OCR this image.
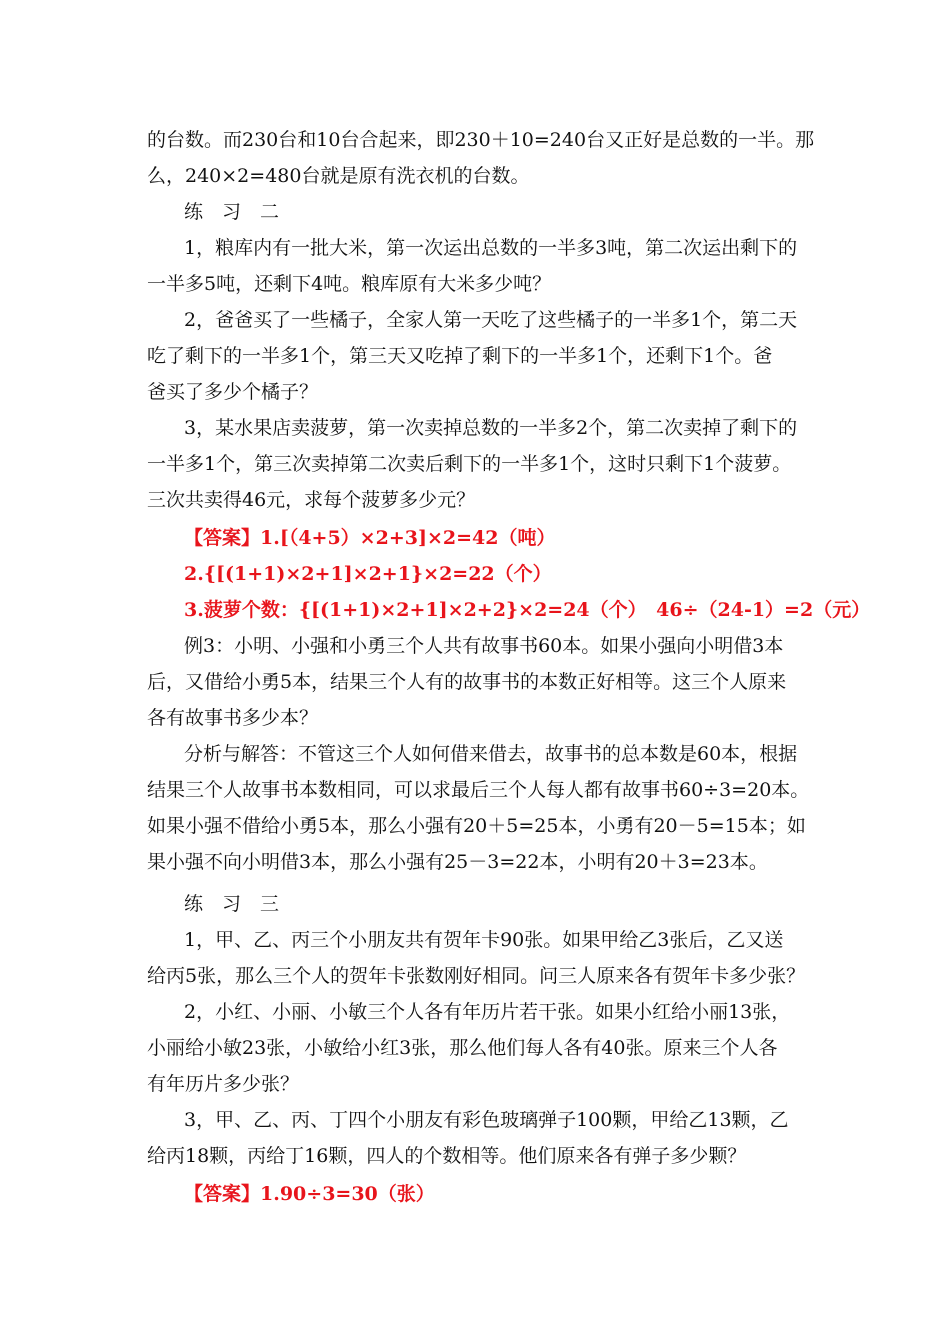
的台数。而230台和10台合起来，即230＋10=240台又正好是总数的一半。那
么，240×2=480台就是原有洗衣机的台数。
练　习　二
1，粮库内有一批大米，第一次运出总数的一半多3吨，第二次运出剩下的
一半多5吨，还剩下4吨。粮库原有大米多少吨？
2，爸爸买了一些橘子，全家人第一天吃了这些橘子的一半多1个，第二天
吃了剩下的一半多1个，第三天又吃掉了剩下的一半多1个，还剩下1个。爸
爸买了多少个橘子？
3，某水果店卖菠萝，第一次卖掉总数的一半多2个，第二次卖掉了剩下的
一半多1个，第三次卖掉第二次卖后剩下的一半多1个，这时只剩下1个菠萝。
三次共卖得46元，求每个菠萝多少元？
【答案】1.[（4+5）×2+3]×2=42（吨）
2.{[(1+1)×2+1]×2+1}×2=22（个）
3.菠萝个数：{[(1+1)×2+1]×2+2}×2=24（个）　46÷（24-1）=2（元）
例3：小明、小强和小勇三个人共有故事书60本。如果小强向小明借3本
后，又借给小勇5本，结果三个人有的故事书的本数正好相等。这三个人原来
各有故事书多少本？
分析与解答：不管这三个人如何借来借去，故事书的总本数是60本，根据
结果三个人故事书本数相同，可以求最后三个人每人都有故事书60÷3=20本。
如果小强不借给小勇5本，那么小强有20＋5=25本，小勇有20－5=15本；如
果小强不向小明借3本，那么小强有25－3=22本，小明有20＋3=23本。
练　习　三
1，甲、乙、丙三个小朋友共有贺年卡90张。如果甲给乙3张后，乙又送
给丙5张，那么三个人的贺年卡张数刚好相同。问三人原来各有贺年卡多少张？
2，小红、小丽、小敏三个人各有年历片若干张。如果小红给小丽13张，
小丽给小敏23张，小敏给小红3张，那么他们每人各有40张。原来三个人各
有年历片多少张？
3，甲、乙、丙、丁四个小朋友有彩色玻璃弹子100颗，甲给乙13颗，乙
给丙18颗，丙给丁16颗，四人的个数相等。他们原来各有弹子多少颗？
【答案】1.90÷3=30（张）
